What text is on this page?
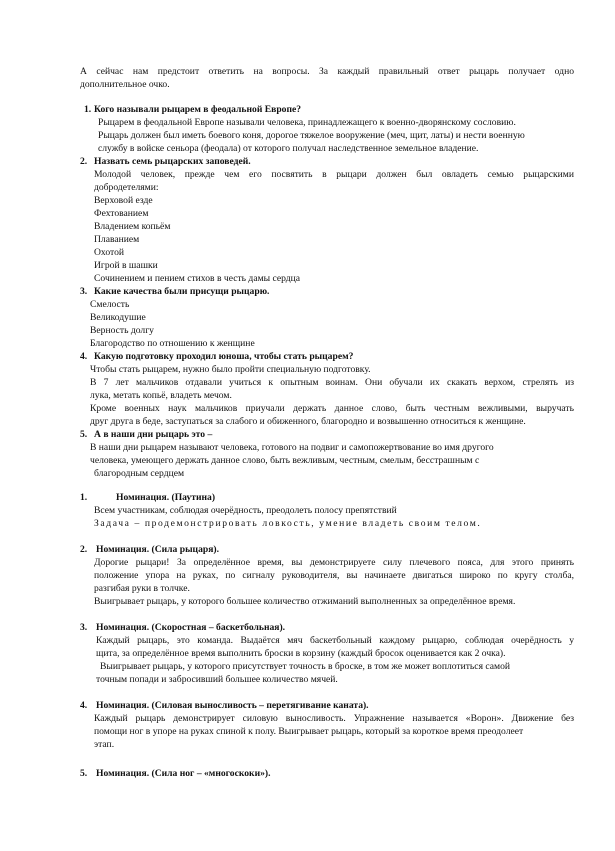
А сейчас нам предстоит ответить на вопросы. За каждый правильный ответ рыцарь получает одно
дополнительное очко.
1. Кого называли рыцарем в феодальной Европе?
Рыцарем в феодальной Европе называли человека, принадлежащего к военно-дворянскому сословию.
Рыцарь должен был иметь боевого коня, дорогое тяжелое вооружение (меч, щит, латы) и нести военную
службу в войске сеньора (феодала) от которого получал наследственное земельное владение.
2. Назвать семь рыцарских заповедей.
Молодой человек, прежде чем его посвятить в рыцари должен был овладеть семью рыцарскими
добродетелями:
Верховой езде
Фехтованием
Владением копьём
Плаванием
Охотой
Игрой в шашки
Сочинением и пением стихов в честь дамы сердца
3. Какие качества были присущи рыцарю.
Смелость
Великодушие
Верность долгу
Благородство по отношению к женщине
4. Какую подготовку проходил юноша, чтобы стать рыцарем?
Чтобы стать рыцарем, нужно было пройти специальную подготовку.
В 7 лет мальчиков отдавали учиться к опытным воинам. Они обучали их скакать верхом, стрелять из
лука, метать копьё, владеть мечом.
Кроме военных наук мальчиков приучали держать данное слово, быть честным вежливыми, выручать
друг друга в беде, заступаться за слабого и обиженного, благородно и возвышенно относиться к женщине.
5. А в наши дни рыцарь это –
В наши дни рыцарем называют человека, готового на подвиг и самопожертвование во имя другого
человека, умеющего держать данное слово, быть вежливым, честным, смелым, бесстрашным с
благородным сердцем
1.	Номинация. (Паутина)
Всем участникам, соблюдая очерёдность, преодолеть полосу препятствий
Задача – продемонстрировать ловкость, умение владеть своим телом.
2. Номинация. (Сила рыцаря).
Дорогие рыцари! За определённое время, вы демонстрируете силу плечевого пояса, для этого принять
положение упора на руках, по сигналу руководителя, вы начинаете двигаться широко по кругу столба,
разгибая руки в толчке.
Выигрывает рыцарь, у которого большее количество отжиманий выполненных за определённое время.
3. Номинация. (Скоростная – баскетбольная).
Каждый рыцарь, это команда. Выдаётся мяч баскетбольный каждому рыцарю, соблюдая очерёдность у
щита, за определённое время выполнить броски в корзину (каждый бросок оценивается как 2 очка).
Выигрывает рыцарь, у которого присутствует точность в броске, в том же может воплотиться самой
точным попади и забросивший большее количество мячей.
4. Номинация. (Силовая выносливость – перетягивание каната).
Каждый рыцарь демонстрирует силовую выносливость. Упражнение называется «Ворон». Движение без
помощи ног в упоре на руках спиной к полу. Выигрывает рыцарь, который за короткое время преодолеет
этап.
5. Номинация. (Сила ног – «многоскоки»).
